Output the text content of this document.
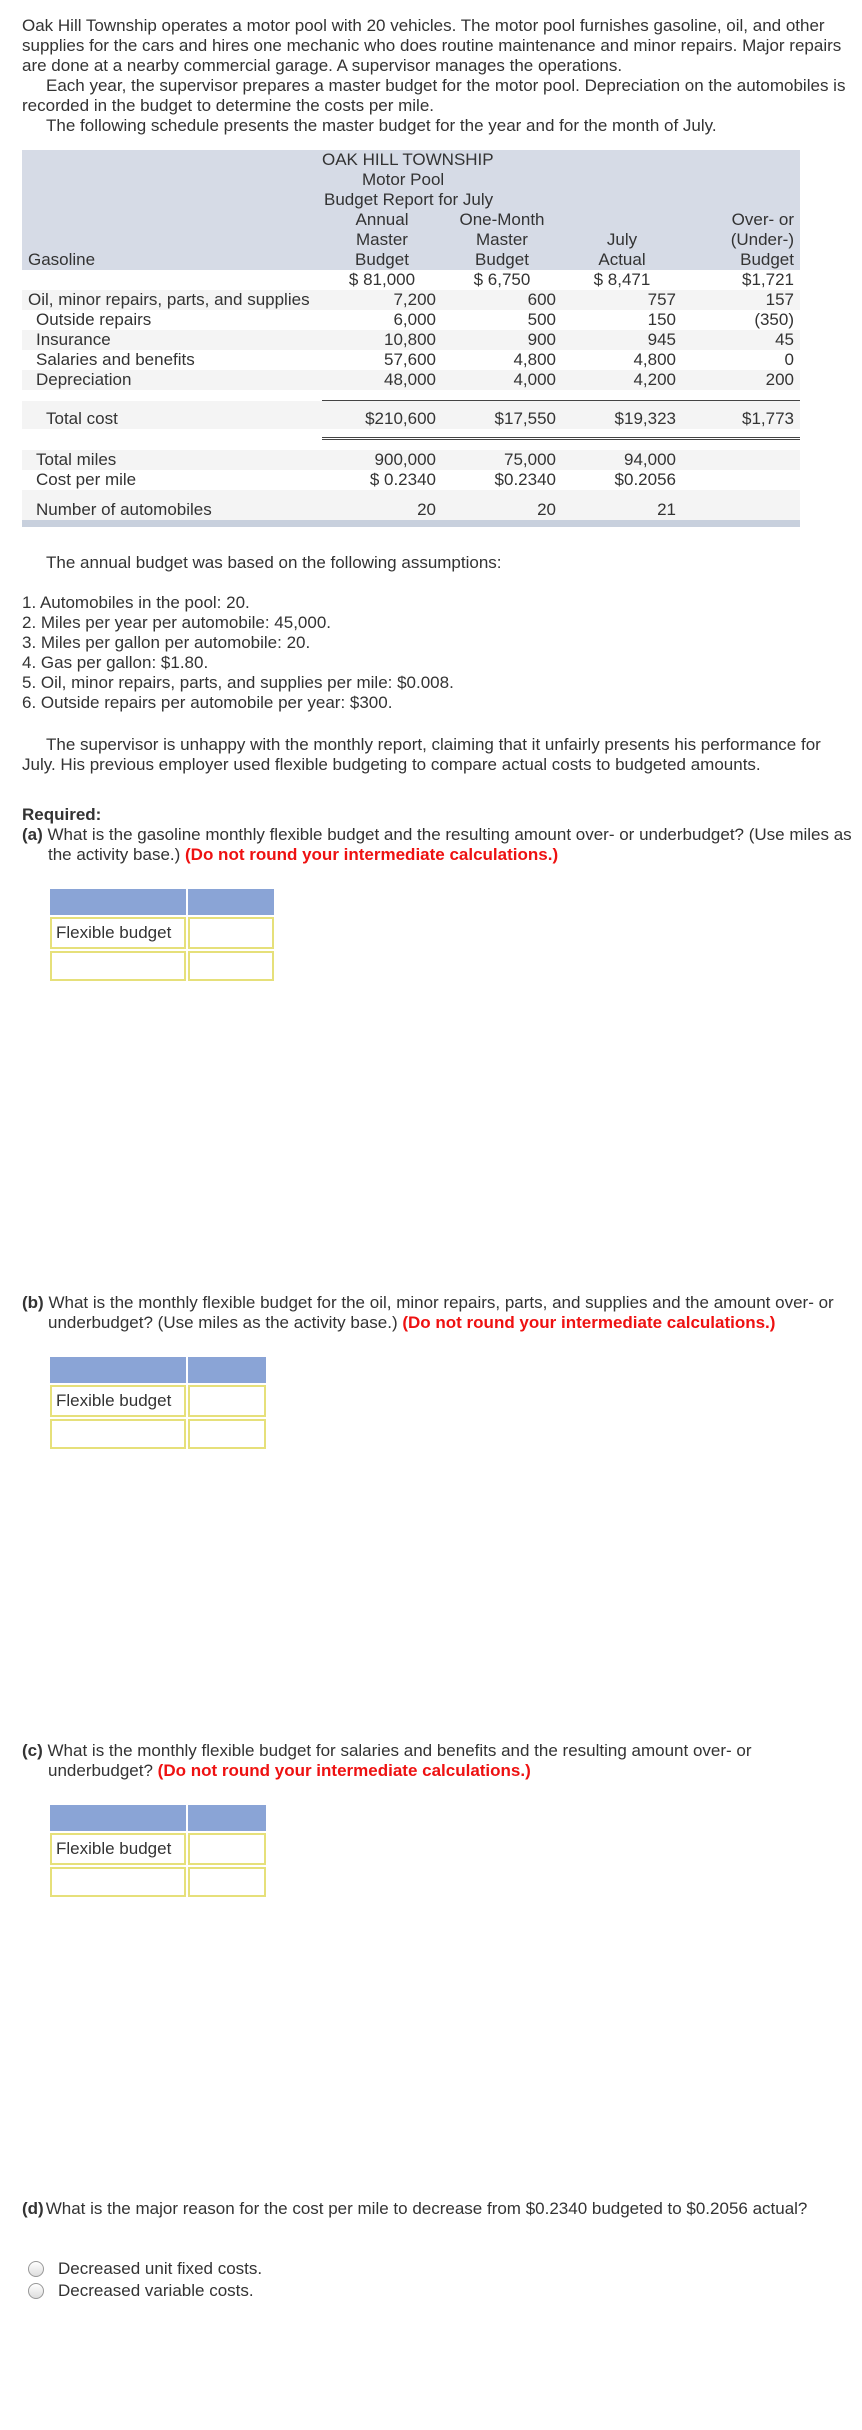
Oak Hill Township operates a motor pool with 20 vehicles. The motor pool furnishes gasoline, oil, and other supplies for the cars and hires one mechanic who does routine maintenance and minor repairs. Major repairs are done at a nearby commercial garage. A supervisor manages the operations.

Each year, the supervisor prepares a master budget for the motor pool. Depreciation on the automobiles is recorded in the budget to determine the costs per mile.

The following schedule presents the master budget for the year and for the month of July.

OAK HILL TOWNSHIP				
Motor Pool				
Budget Report for July				
	Annual	One-Month		Over- or
	Master	Master	July	(Under-)
Gasoline	Budget	Budget	Actual	Budget
	$ 81,000	$ 6,750	$ 8,471	$1,721
Oil, minor repairs, parts, and supplies	7,200	600	757	157
Outside repairs	6,000	500	150	(350)
Insurance	10,800	900	945	45
Salaries and benefits	57,600	4,800	4,800	0
Depreciation	48,000	4,000	4,200	200

Total cost	$210,600	$17,550	$19,323	$1,773

Total miles	900,000	75,000	94,000	
Cost per mile	$ 0.2340	$0.2340	$0.2056	
Number of automobiles	20	20	21	

The annual budget was based on the following assumptions:

1. Automobiles in the pool: 20.
2. Miles per year per automobile: 45,000.
3. Miles per gallon per automobile: 20.
4. Gas per gallon: $1.80.
5. Oil, minor repairs, parts, and supplies per mile: $0.008.
6. Outside repairs per automobile per year: $300.

The supervisor is unhappy with the monthly report, claiming that it unfairly presents his performance for July. His previous employer used flexible budgeting to compare actual costs to budgeted amounts.

Required:
(a) What is the gasoline monthly flexible budget and the resulting amount over- or underbudget? (Use miles as the activity base.) (Do not round your intermediate calculations.)

Flexible budget	

(b) What is the monthly flexible budget for the oil, minor repairs, parts, and supplies and the amount over- or underbudget? (Use miles as the activity base.) (Do not round your intermediate calculations.)

Flexible budget	

(c) What is the monthly flexible budget for salaries and benefits and the resulting amount over- or underbudget? (Do not round your intermediate calculations.)

Flexible budget	

(d) What is the major reason for the cost per mile to decrease from $0.2340 budgeted to $0.2056 actual?
Decreased unit fixed costs.
Decreased variable costs.
